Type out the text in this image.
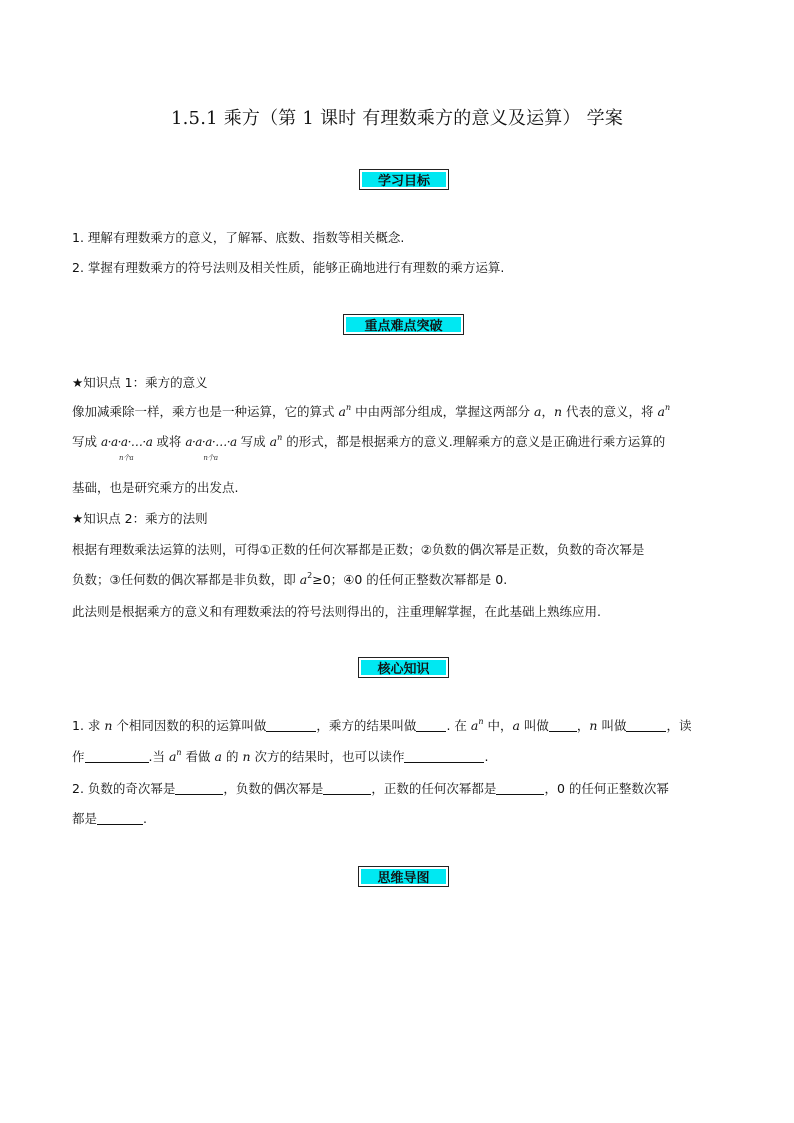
1.5.1 乘方（第 1 课时 有理数乘方的意义及运算） 学案
学习目标
1. 理解有理数乘方的意义，了解幂、底数、指数等相关概念.
2. 掌握有理数乘方的符号法则及相关性质，能够正确地进行有理数的乘方运算.
重点难点突破
★知识点 1：乘方的意义
像加减乘除一样，乘方也是一种运算，它的算式 $a^n$ 中由两部分组成，掌握这两部分 a，n 代表的意义，将 $a^n$
写成 a·a·a·…·a
n个a
或将 a·a·a·…·a
n个a
写成 $a^n$ 的形式，都是根据乘方的意义.理解乘方的意义是正确进行乘方运算的
基础，也是研究乘方的出发点.
★知识点 2：乘方的法则
根据有理数乘法运算的法则，可得①正数的任何次幂都是正数；②负数的偶次幂是正数，负数的奇次幂是
负数；③任何数的偶次幂都是非负数，即 $a^2\ge 0$；④0 的任何正整数次幂都是 0.
此法则是根据乘方的意义和有理数乘法的符号法则得出的，注重理解掌握，在此基础上熟练应用.
核心知识
1. 求 n 个相同因数的积的运算叫做	，乘方的结果叫做 . 在 $a^n$ 中，a 叫做 ，n 叫做	，读
作	.当 $a^n$ 看做 a 的 n 次方的结果时，也可以读作	.
2. 负数的奇次幂是	，负数的偶次幂是	，正数的任何次幂都是	，0 的任何正整数次幂
都是	.
思维导图
